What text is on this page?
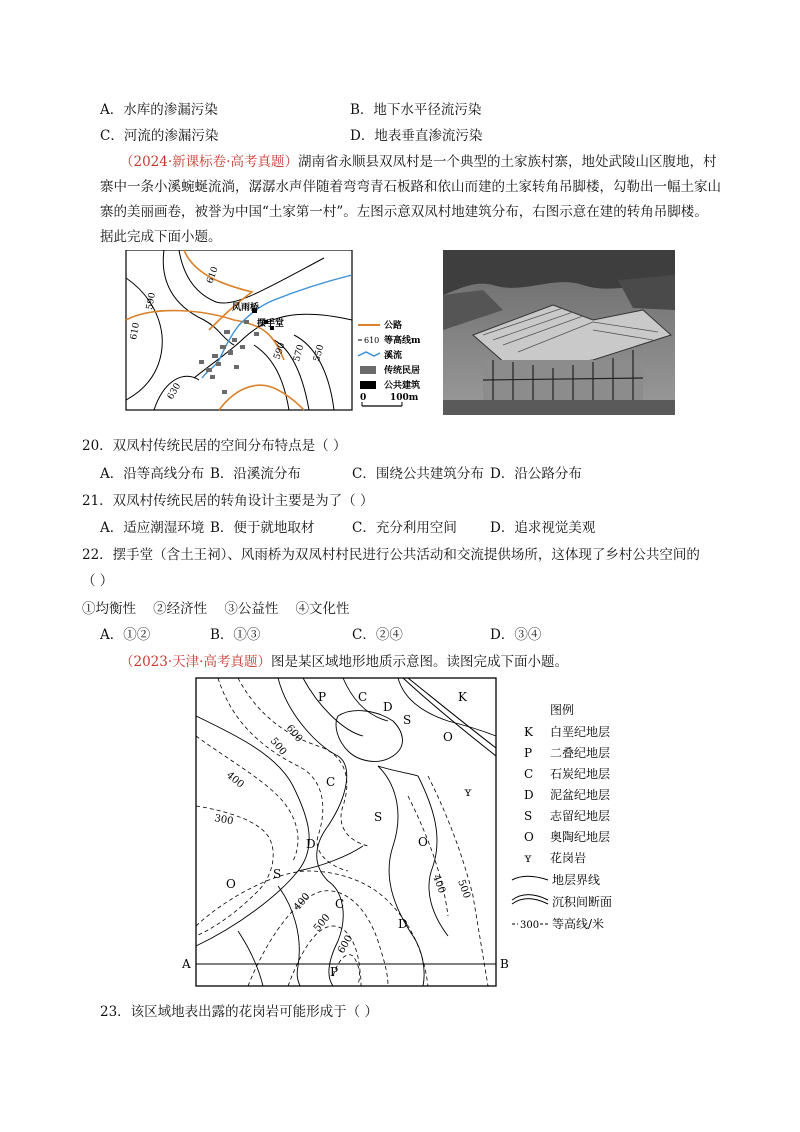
A．水库的渗漏污染	B．地下水平径流污染
C．河流的渗漏污染	D．地表垂直渗流污染
（2024·新课标卷·高考真题）湖南省永顺县双凤村是一个典型的土家族村寨，地处武陵山区腹地，村
寨中一条小溪蜿蜒流淌，潺潺水声伴随着弯弯青石板路和依山而建的土家转角吊脚楼，勾勒出一幅土家山
寨的美丽画卷，被誉为中国“土家第一村”。左图示意双凤村地建筑分布，右图示意在建的转角吊脚楼。
据此完成下面小题。
风雨桥
摆手堂
610
590
610
590 570 550
630
公路
610 等高线m
溪流
传统民居
公共建筑
0	100m
20．双凤村传统民居的空间分布特点是（ ）
A．沿等高线分布 B．沿溪流分布	C．围绕公共建筑分布 D．沿公路分布
21．双凤村传统民居的转角设计主要是为了（ ）
A．适应潮湿环境 B．便于就地取材	C．充分利用空间 D．追求视觉美观
22．摆手堂（含土王祠）、风雨桥为双凤村村民进行公共活动和交流提供场所，这体现了乡村公共空间的
（ ）
①均衡性    ②经济性    ③公益性    ④文化性
A．①②	B．①③	C．②④	D．③④
（2023·天津·高考真题）图是某区域地形地质示意图。读图完成下面小题。
P	C
D
S
K
O
C
S
D	O
O
S
C
D
P
ʏ
600
500
400
300
400
500
400 500
600
A	B
图例
K 白垩纪地层
P 二叠纪地层
C 石炭纪地层
D 泥盆纪地层
S 志留纪地层
O 奥陶纪地层
ʏ 花岗岩
地层界线
沉积间断面
300 等高线/米
23．该区域地表出露的花岗岩可能形成于（ ）
